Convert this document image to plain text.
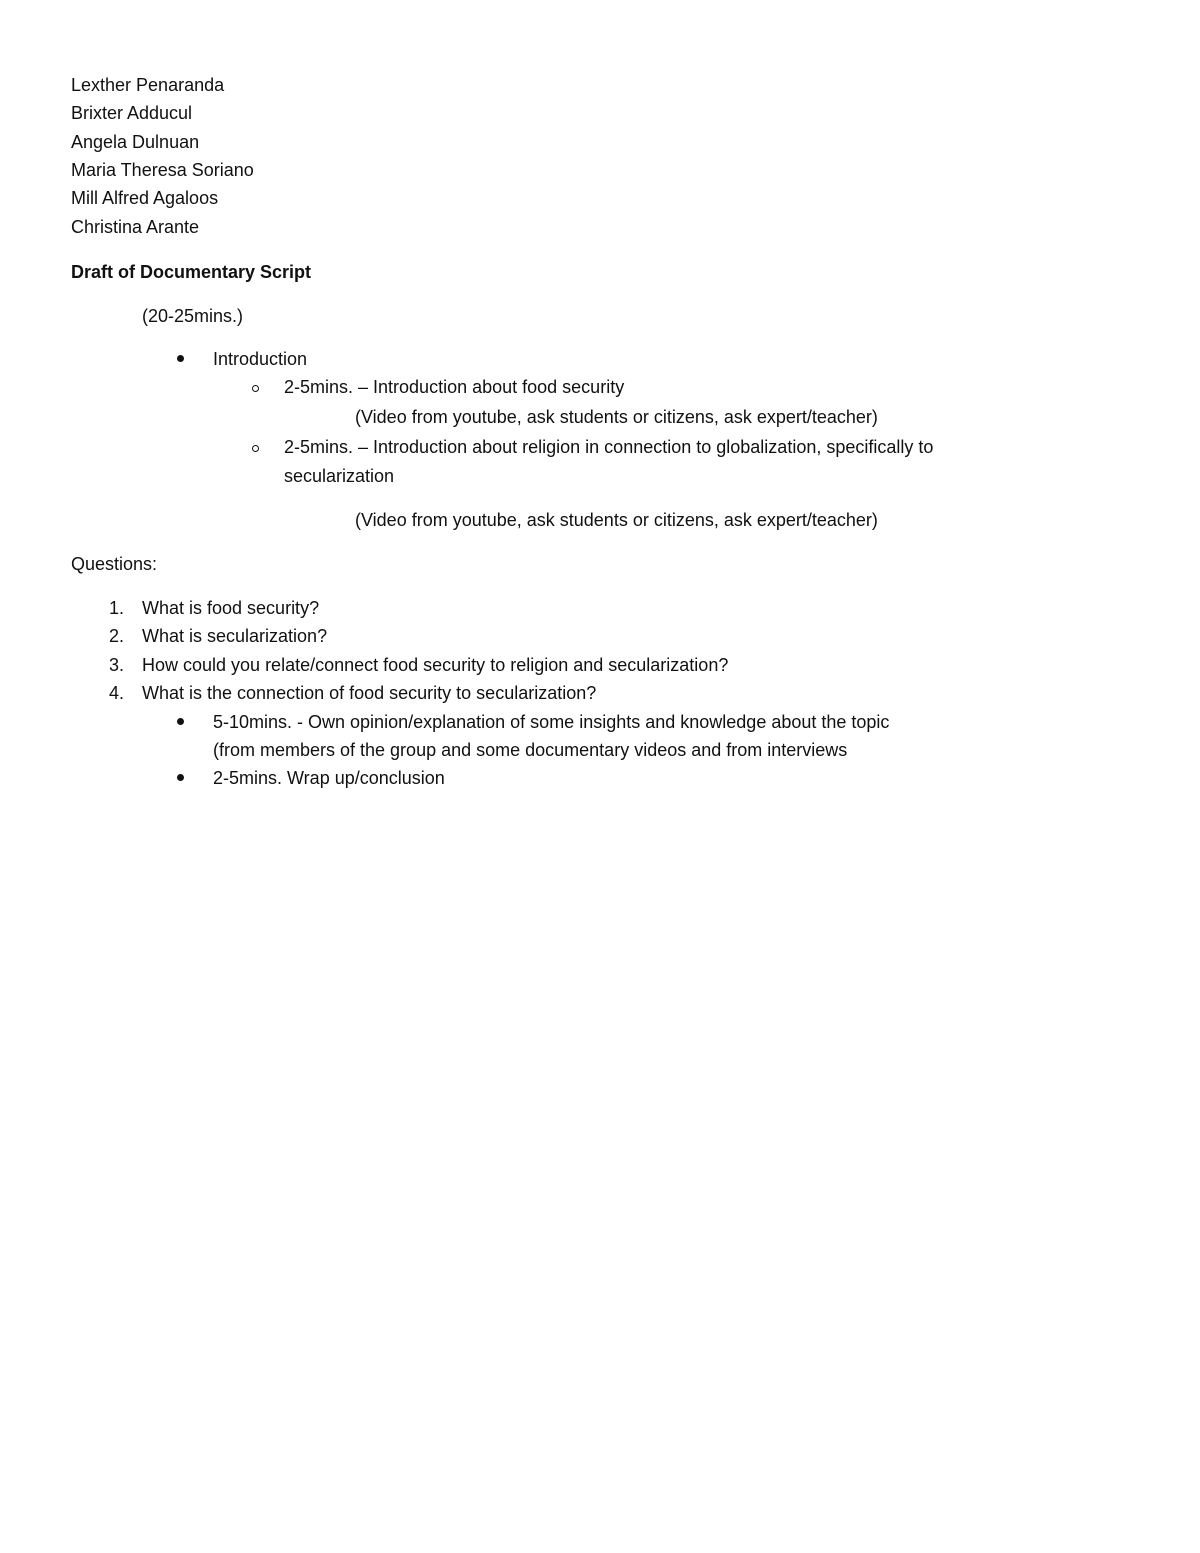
Lexther Penaranda
Brixter Adducul
Angela Dulnuan
Maria Theresa Soriano
Mill Alfred Agaloos
Christina Arante
Draft of Documentary Script
(20-25mins.)
Introduction
2-5mins. – Introduction about food security
(Video from youtube, ask students or citizens, ask expert/teacher)
2-5mins. – Introduction about religion in connection to globalization, specifically to
secularization
(Video from youtube, ask students or citizens, ask expert/teacher)
Questions:
1. What is food security?
2. What is secularization?
3. How could you relate/connect food security to religion and secularization?
4. What is the connection of food security to secularization?
5-10mins. - Own opinion/explanation of some insights and knowledge about the topic
(from members of the group and some documentary videos and from interviews
2-5mins. Wrap up/conclusion
